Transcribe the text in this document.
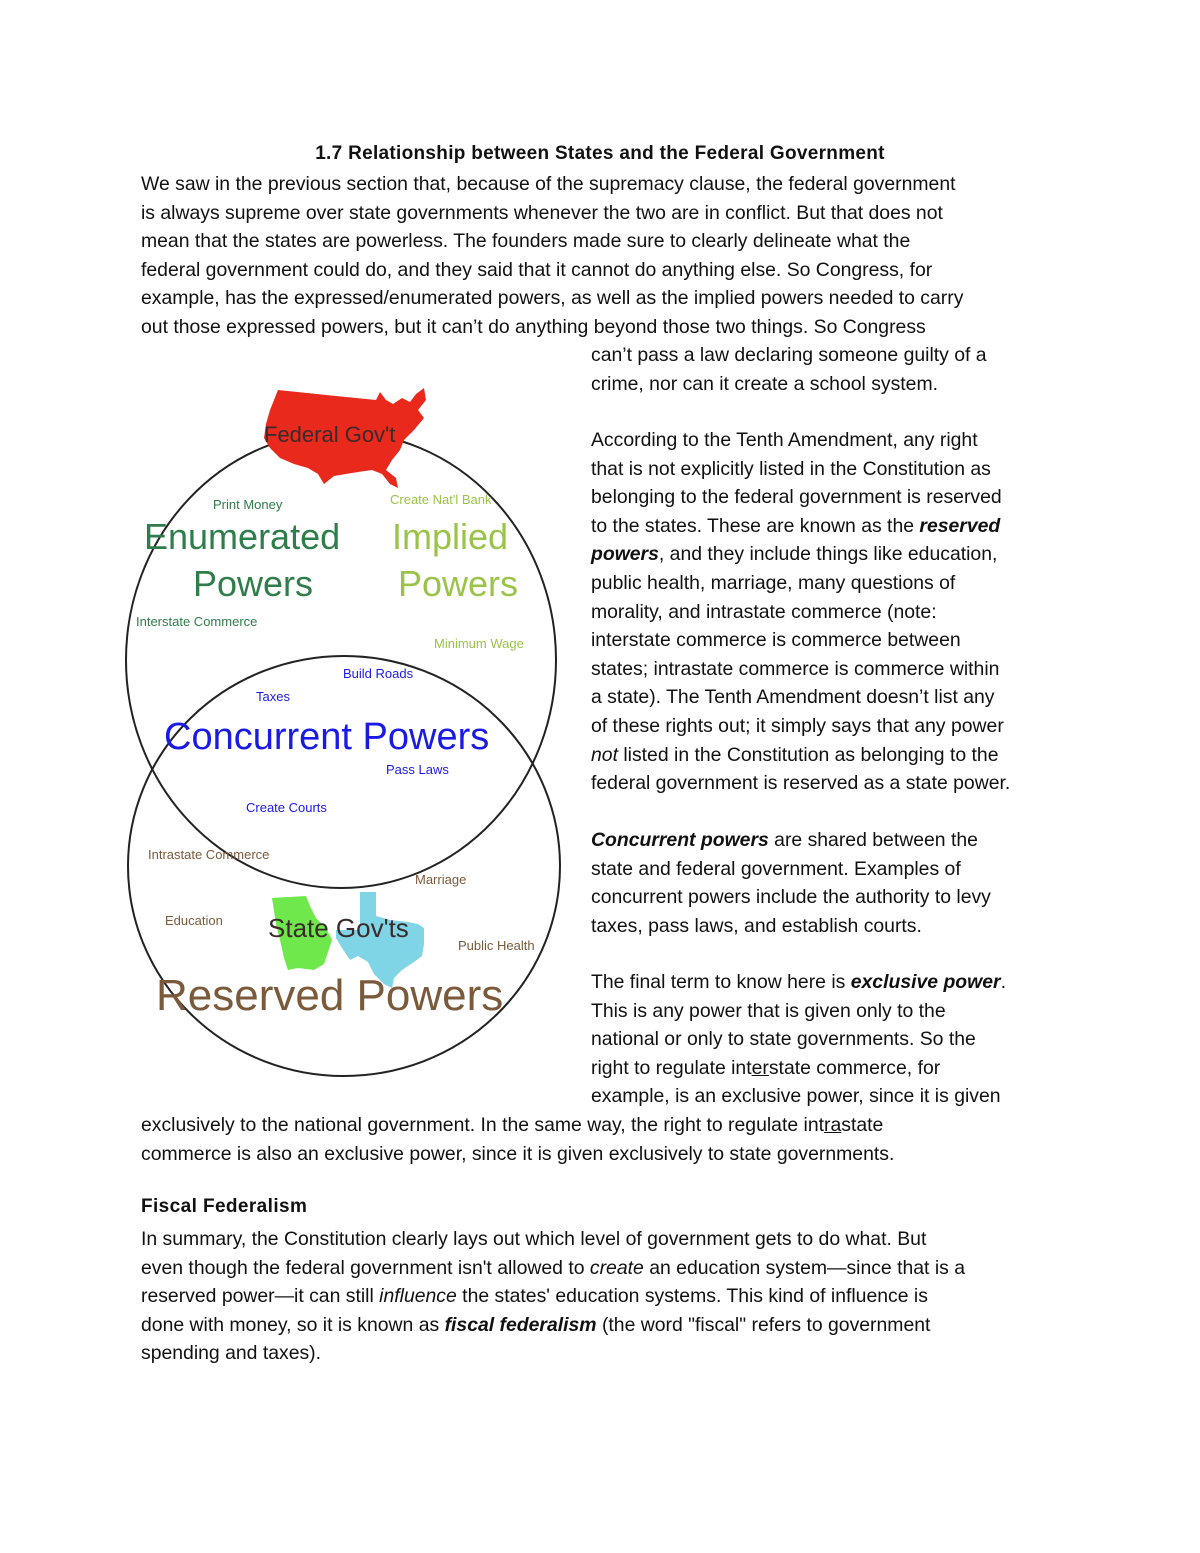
1.7 Relationship between States and the Federal Government
We saw in the previous section that, because of the supremacy clause, the federal government
is always supreme over state governments whenever the two are in conflict. But that does not
mean that the states are powerless. The founders made sure to clearly delineate what the
federal government could do, and they said that it cannot do anything else. So Congress, for
example, has the expressed/enumerated powers, as well as the implied powers needed to carry
out those expressed powers, but it can’t do anything beyond those two things. So Congress
can’t pass a law declaring someone guilty of a
crime, nor can it create a school system.
According to the Tenth Amendment, any right
that is not explicitly listed in the Constitution as
belonging to the federal government is reserved
to the states. These are known as the reserved
powers, and they include things like education,
public health, marriage, many questions of
morality, and intrastate commerce (note:
interstate commerce is commerce between
states; intrastate commerce is commerce within
a state). The Tenth Amendment doesn’t list any
of these rights out; it simply says that any power
not listed in the Constitution as belonging to the
federal government is reserved as a state power.
Concurrent powers are shared between the
state and federal government. Examples of
concurrent powers include the authority to levy
taxes, pass laws, and establish courts.
The final term to know here is exclusive power.
This is any power that is given only to the
national or only to state governments. So the
right to regulate interstate commerce, for
example, is an exclusive power, since it is given
exclusively to the national government. In the same way, the right to regulate intrastate
commerce is also an exclusive power, since it is given exclusively to state governments.
Fiscal Federalism
In summary, the Constitution clearly lays out which level of government gets to do what. But
even though the federal government isn't allowed to create an education system—since that is a
reserved power—it can still influence the states' education systems. This kind of influence is
done with money, so it is known as fiscal federalism (the word "fiscal" refers to government
spending and taxes).
Federal Gov't
Print Money	Create Nat'l Bank
Enumerated
Powers
Implied
Powers
Interstate Commerce
Minimum Wage
Build Roads
Taxes
Concurrent Powers
Pass Laws
Create Courts
Intrastate Commerce
Marriage
Education
Public Health
State Gov'ts
Reserved Powers
